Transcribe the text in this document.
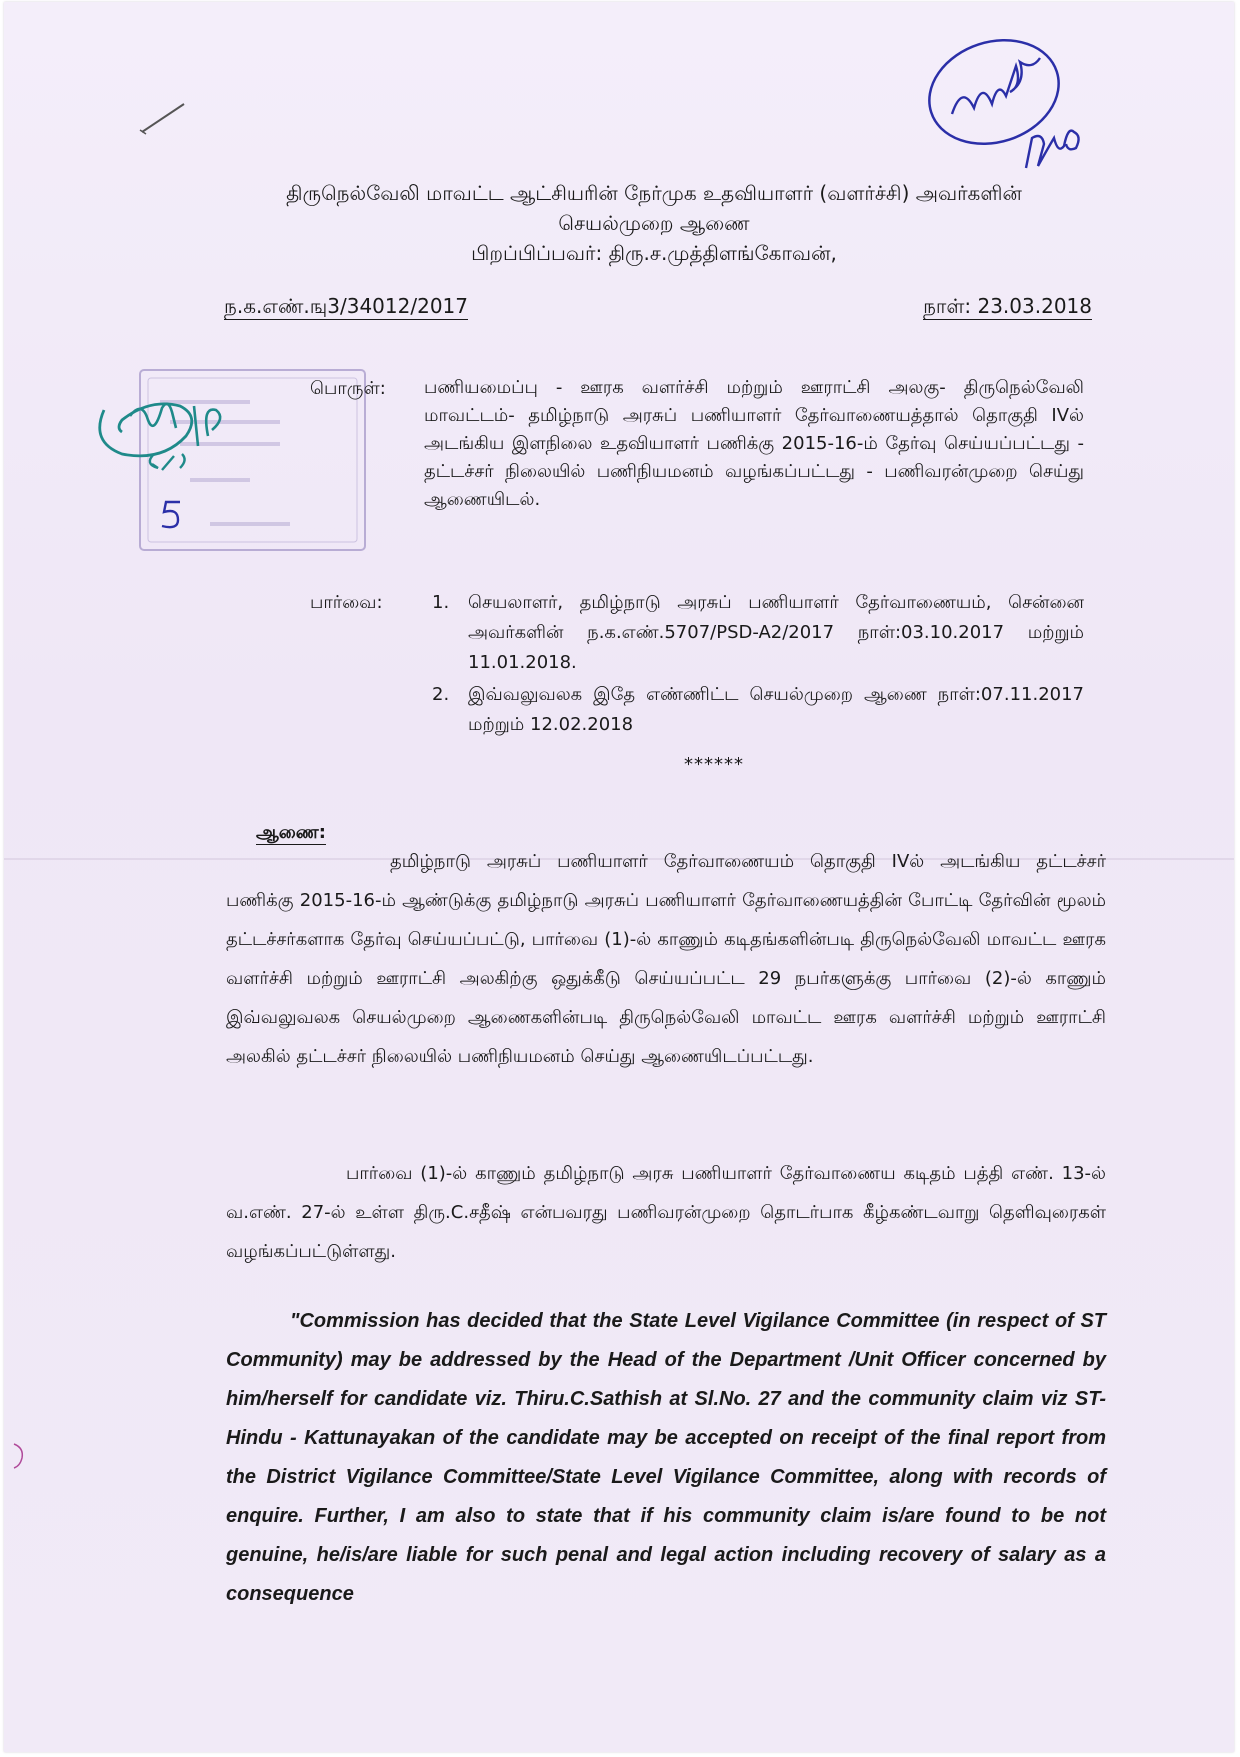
திருநெல்வேலி மாவட்ட ஆட்சியரின் நேர்முக உதவியாளர் (வளர்ச்சி) அவர்களின்
செயல்முறை ஆணை
பிறப்பிப்பவர்: திரு.ச.முத்திளங்கோவன்,
ந.க.எண்.ஙு3/34012/2017	நாள்: 23.03.2018
பொருள்: பணியமைப்பு - ஊரக வளர்ச்சி மற்றும் ஊராட்சி அலகு- திருநெல்வேலி மாவட்டம்- தமிழ்நாடு அரசுப் பணியாளர் தேர்வாணையத்தால் தொகுதி IVல் அடங்கிய இளநிலை உதவியாளர் பணிக்கு 2015-16-ம் தேர்வு செய்யப்பட்டது - தட்டச்சர் நிலையில் பணிநியமனம் வழங்கப்பட்டது - பணிவரன்முறை செய்து ஆணையிடல்.
பார்வை:	1. செயலாளர், தமிழ்நாடு அரசுப் பணியாளர் தேர்வாணையம், சென்னை அவர்களின் ந.க.எண்.5707/PSD-A2/2017 நாள்:03.10.2017 மற்றும் 11.01.2018.
2. இவ்வலுவலக இதே எண்ணிட்ட செயல்முறை ஆணை நாள்:07.11.2017 மற்றும் 12.02.2018
******
ஆணை:
தமிழ்நாடு அரசுப் பணியாளர் தேர்வாணையம் தொகுதி IVல் அடங்கிய தட்டச்சர் பணிக்கு 2015-16-ம் ஆண்டுக்கு தமிழ்நாடு அரசுப் பணியாளர் தேர்வாணையத்தின் போட்டி தேர்வின் மூலம் தட்டச்சர்களாக தேர்வு செய்யப்பட்டு, பார்வை (1)-ல் காணும் கடிதங்களின்படி திருநெல்வேலி மாவட்ட ஊரக வளர்ச்சி மற்றும் ஊராட்சி அலகிற்கு ஒதுக்கீடு செய்யப்பட்ட 29 நபர்களுக்கு பார்வை (2)-ல் காணும் இவ்வலுவலக செயல்முறை ஆணைகளின்படி திருநெல்வேலி மாவட்ட ஊரக வளர்ச்சி மற்றும் ஊராட்சி அலகில் தட்டச்சர் நிலையில் பணிநியமனம் செய்து ஆணையிடப்பட்டது.
பார்வை (1)-ல் காணும் தமிழ்நாடு அரசு பணியாளர் தேர்வாணைய கடிதம் பத்தி எண். 13-ல் வ.எண். 27-ல் உள்ள திரு.C.சதீஷ் என்பவரது பணிவரன்முறை தொடர்பாக கீழ்கண்டவாறு தெளிவுரைகள் வழங்கப்பட்டுள்ளது.
"Commission has decided that the State Level Vigilance Committee (in respect of ST Community) may be addressed by the Head of the Department /Unit Officer concerned by him/herself for candidate viz. Thiru.C.Sathish at Sl.No. 27 and the community claim viz ST-Hindu - Kattunayakan of the candidate may be accepted on receipt of the final report from the District Vigilance Committee/State Level Vigilance Committee, along with records of enquire. Further, I am also to state that if his community claim is/are found to be not genuine, he/is/are liable for such penal and legal action including recovery of salary as a consequence
